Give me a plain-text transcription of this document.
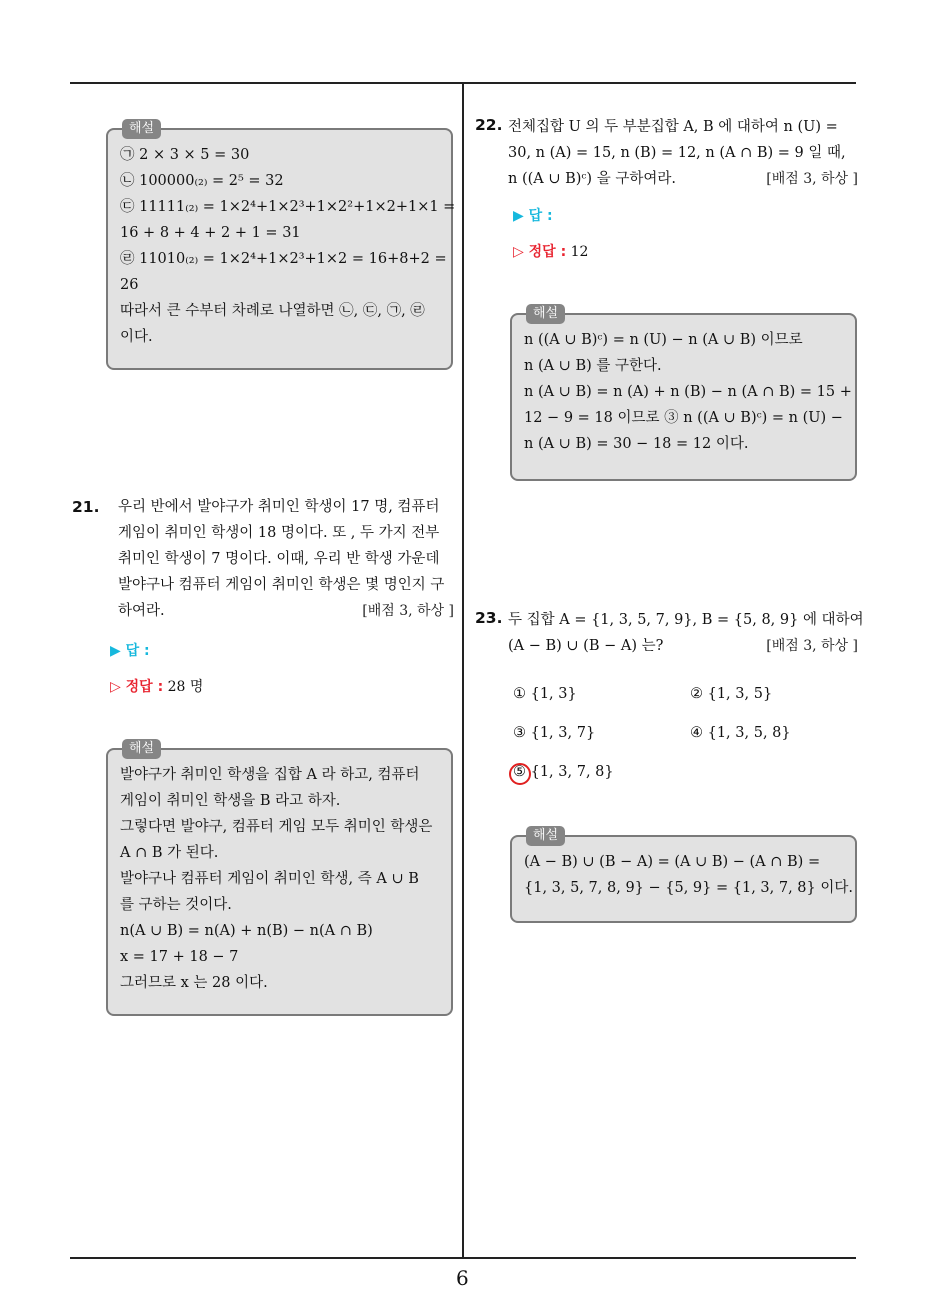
해설
㉠ 2 × 3 × 5 = 30
㉡ 100000₍₂₎ = 2⁵ = 32
㉢ 11111₍₂₎ = 1×2⁴+1×2³+1×2²+1×2+1×1 =
16 + 8 + 4 + 2 + 1 = 31
㉣ 11010₍₂₎ = 1×2⁴+1×2³+1×2 = 16+8+2 =
26
따라서 큰 수부터 차례로 나열하면 ㉡, ㉢, ㉠, ㉣
이다.
21. 우리 반에서 발야구가 취미인 학생이 17 명, 컴퓨터
게임이 취미인 학생이 18 명이다. 또 , 두 가지 전부
취미인 학생이 7 명이다. 이때, 우리 반 학생 가운데
발야구나 컴퓨터 게임이 취미인 학생은 몇 명인지 구
하여라.	[배점 3, 하상 ]
▶ 답 :
▷ 정답 : 28 명
해설
발야구가 취미인 학생을 집합 A 라 하고, 컴퓨터
게임이 취미인 학생을 B 라고 하자.
그렇다면 발야구, 컴퓨터 게임 모두 취미인 학생은
A ∩ B 가 된다.
발야구나 컴퓨터 게임이 취미인 학생, 즉 A ∪ B
를 구하는 것이다.
n(A ∪ B) = n(A) + n(B) − n(A ∩ B)
x = 17 + 18 − 7
그러므로 x 는 28 이다.
22. 전체집합 U 의 두 부분집합 A, B 에 대하여 n (U) =
30, n (A) = 15, n (B) = 12, n (A ∩ B) = 9 일 때,
n ((A ∪ B)ᶜ) 을 구하여라.	[배점 3, 하상 ]
▶ 답 :
▷ 정답 : 12
해설
n ((A ∪ B)ᶜ) = n (U) − n (A ∪ B) 이므로
n (A ∪ B) 를 구한다.
n (A ∪ B) = n (A) + n (B) − n (A ∩ B) = 15 +
12 − 9 = 18 이므로 ③ n ((A ∪ B)ᶜ) = n (U) −
n (A ∪ B) = 30 − 18 = 12 이다.
23. 두 집합 A = {1, 3, 5, 7, 9}, B = {5, 8, 9} 에 대하여
(A − B) ∪ (B − A) 는?	[배점 3, 하상 ]
① {1, 3}	② {1, 3, 5}
③ {1, 3, 7}	④ {1, 3, 5, 8}
⑤ {1, 3, 7, 8}
해설
(A − B) ∪ (B − A) = (A ∪ B) − (A ∩ B) =
{1, 3, 5, 7, 8, 9} − {5, 9} = {1, 3, 7, 8} 이다.
6
